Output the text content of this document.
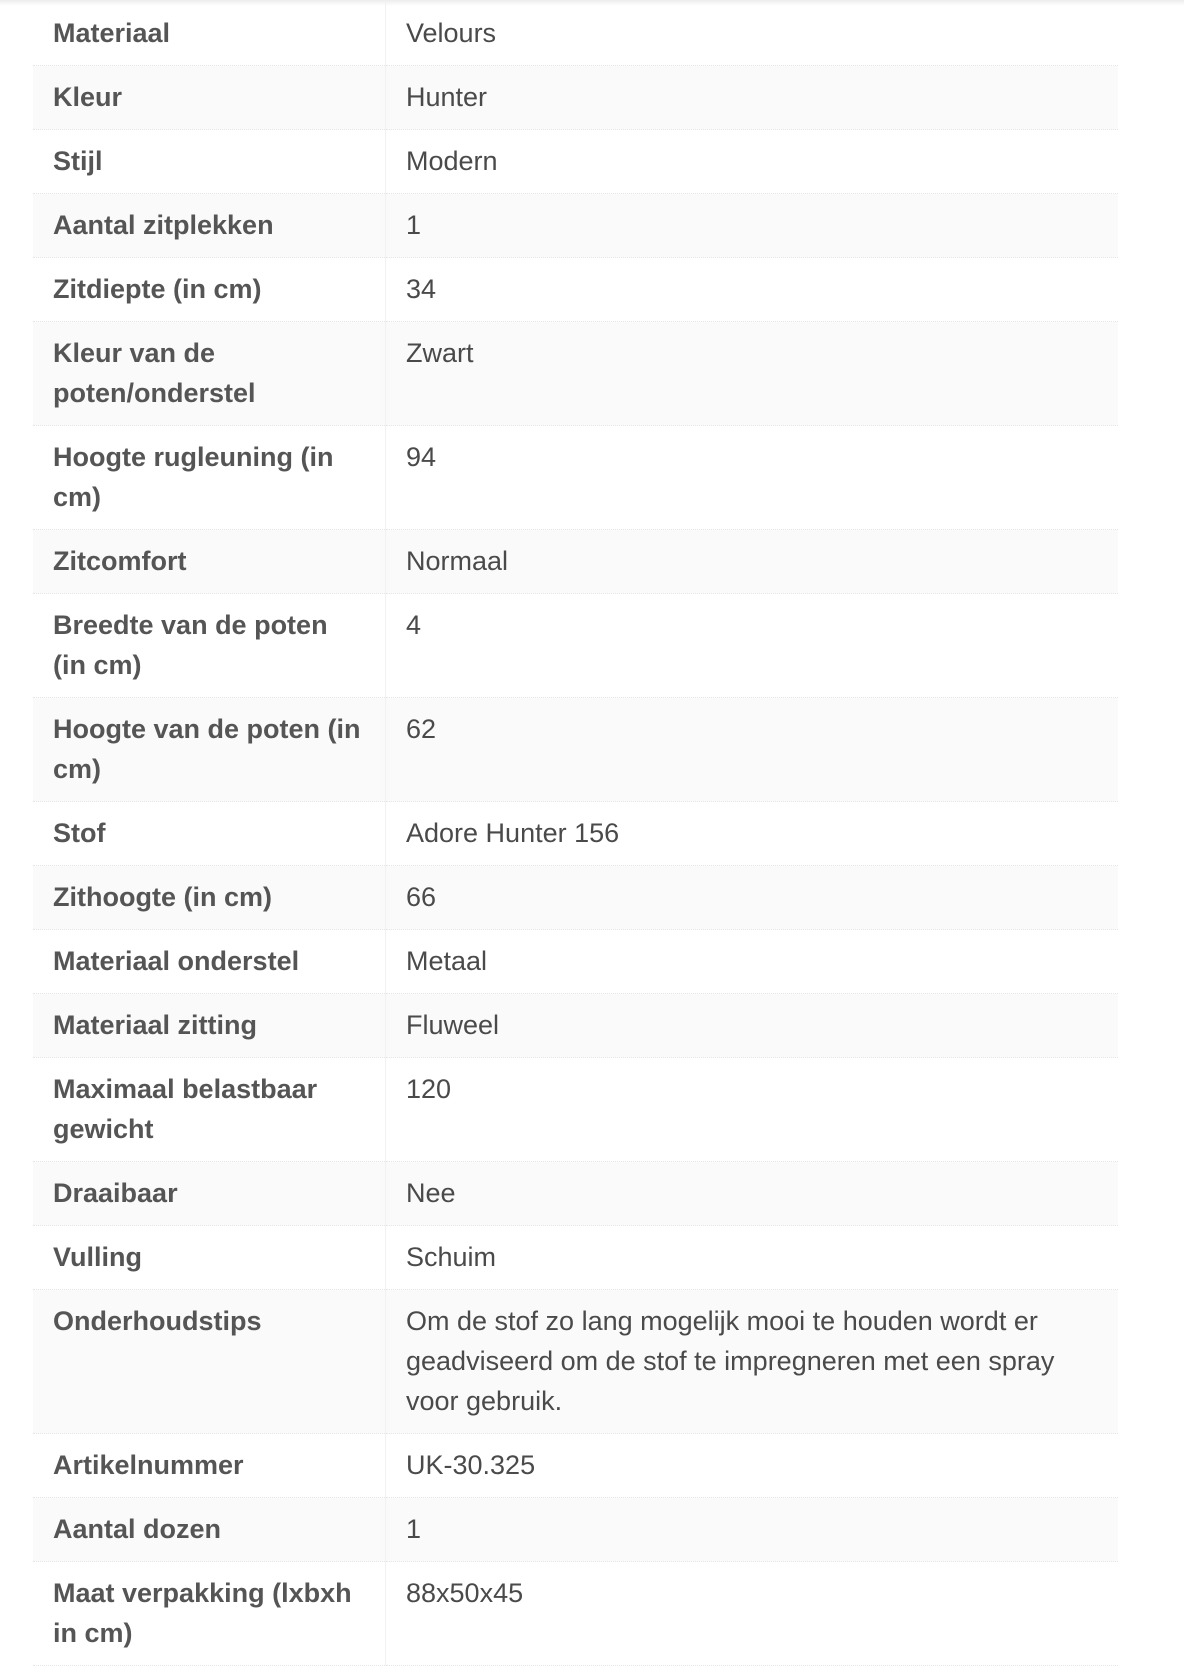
Materiaal	Velours
Kleur	Hunter
Stijl	Modern
Aantal zitplekken	1
Zitdiepte (in cm)	34
Kleur van de poten/onderstel	Zwart
Hoogte rugleuning (in cm)	94
Zitcomfort	Normaal
Breedte van de poten (in cm)	4
Hoogte van de poten (in cm)	62
Stof	Adore Hunter 156
Zithoogte (in cm)	66
Materiaal onderstel	Metaal
Materiaal zitting	Fluweel
Maximaal belastbaar gewicht	120
Draaibaar	Nee
Vulling	Schuim
Onderhoudstips	Om de stof zo lang mogelijk mooi te houden wordt er geadviseerd om de stof te impregneren met een spray voor gebruik.
Artikelnummer	UK-30.325
Aantal dozen	1
Maat verpakking (lxbxh in cm)	88x50x45
